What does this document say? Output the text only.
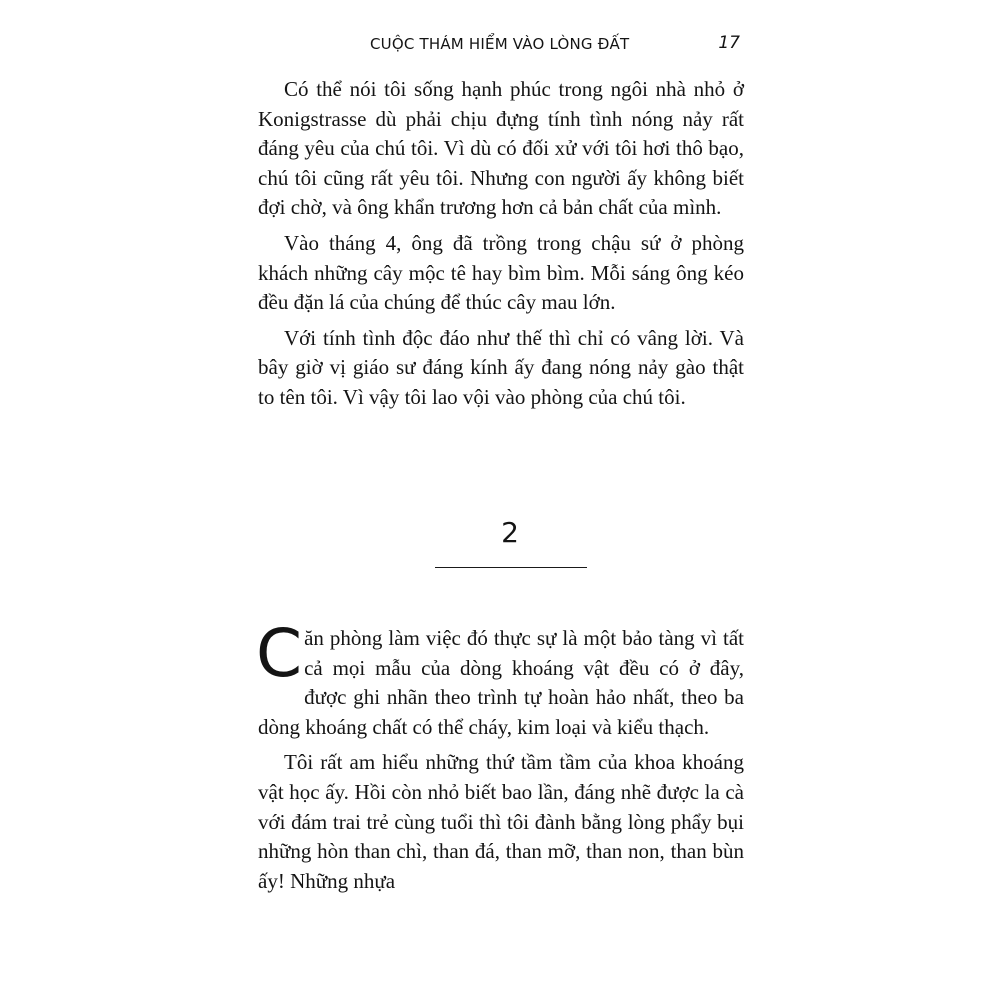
CUỘC THÁM HIỂM VÀO LÒNG ĐẤT	17

Có thể nói tôi sống hạnh phúc trong ngôi nhà nhỏ ở Konigstrasse dù phải chịu đựng tính tình nóng nảy rất đáng yêu của chú tôi. Vì dù có đối xử với tôi hơi thô bạo, chú tôi cũng rất yêu tôi. Nhưng con người ấy không biết đợi chờ, và ông khẩn trương hơn cả bản chất của mình.

Vào tháng 4, ông đã trồng trong chậu sứ ở phòng khách những cây mộc tê hay bìm bìm. Mỗi sáng ông kéo đều đặn lá của chúng để thúc cây mau lớn.

Với tính tình độc đáo như thế thì chỉ có vâng lời. Và bây giờ vị giáo sư đáng kính ấy đang nóng nảy gào thật to tên tôi. Vì vậy tôi lao vội vào phòng của chú tôi.

2

Căn phòng làm việc đó thực sự là một bảo tàng vì tất cả mọi mẫu của dòng khoáng vật đều có ở đây, được ghi nhãn theo trình tự hoàn hảo nhất, theo ba dòng khoáng chất có thể cháy, kim loại và kiểu thạch.

Tôi rất am hiểu những thứ tầm tầm của khoa khoáng vật học ấy. Hồi còn nhỏ biết bao lần, đáng nhẽ được la cà với đám trai trẻ cùng tuổi thì tôi đành bằng lòng phẩy bụi những hòn than chì, than đá, than mỡ, than non, than bùn ấy! Những nhựa
